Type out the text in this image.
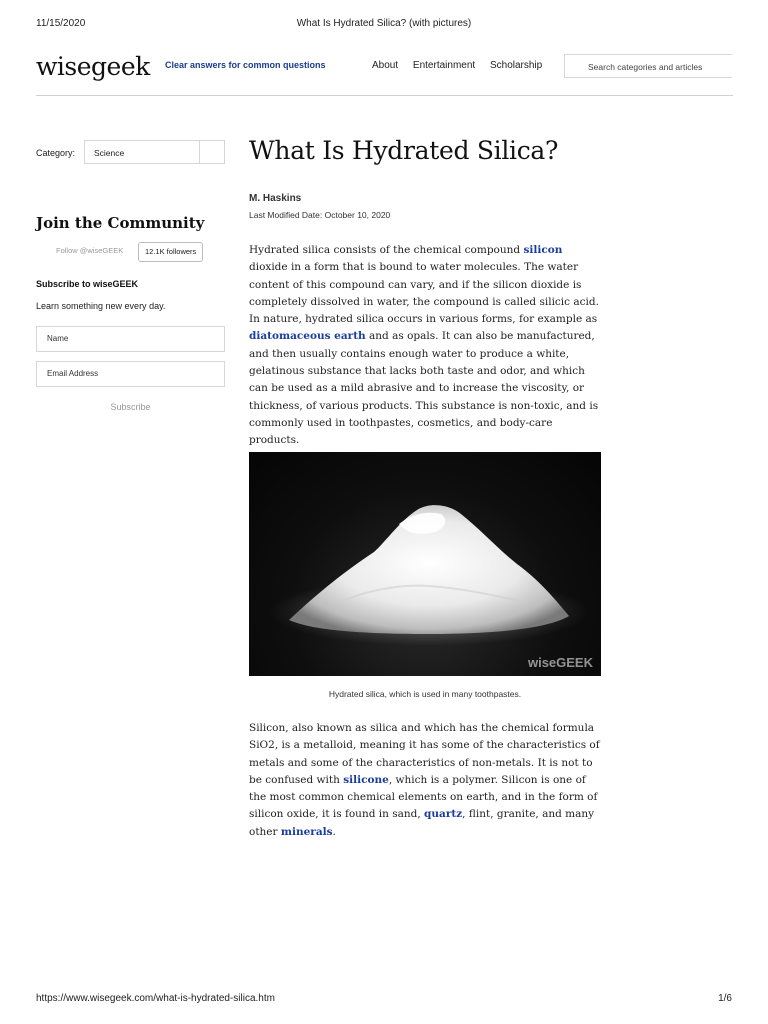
11/15/2020	What Is Hydrated Silica? (with pictures)
wisegeek Clear answers for common questions	About Entertainment Scholarship	Search categories and articles
Category: Science
Join the Community
Follow @wiseGEEK	12.1K followers
Subscribe to wiseGEEK
Learn something new every day.
Name
Email Address
Subscribe
What Is Hydrated Silica?
M. Haskins
Last Modified Date: October 10, 2020
Hydrated silica consists of the chemical compound silicon dioxide in a form that is bound to water molecules. The water content of this compound can vary, and if the silicon dioxide is completely dissolved in water, the compound is called silicic acid. In nature, hydrated silica occurs in various forms, for example as diatomaceous earth and as opals. It can also be manufactured, and then usually contains enough water to produce a white, gelatinous substance that lacks both taste and odor, and which can be used as a mild abrasive and to increase the viscosity, or thickness, of various products. This substance is non-toxic, and is commonly used in toothpastes, cosmetics, and body-care products.
wiseGEEK
Hydrated silica, which is used in many toothpastes.
Silicon, also known as silica and which has the chemical formula SiO2, is a metalloid, meaning it has some of the characteristics of metals and some of the characteristics of non-metals. It is not to be confused with silicone, which is a polymer. Silicon is one of the most common chemical elements on earth, and in the form of silicon oxide, it is found in sand, quartz, flint, granite, and many other minerals.
https://www.wisegeek.com/what-is-hydrated-silica.htm	1/6
